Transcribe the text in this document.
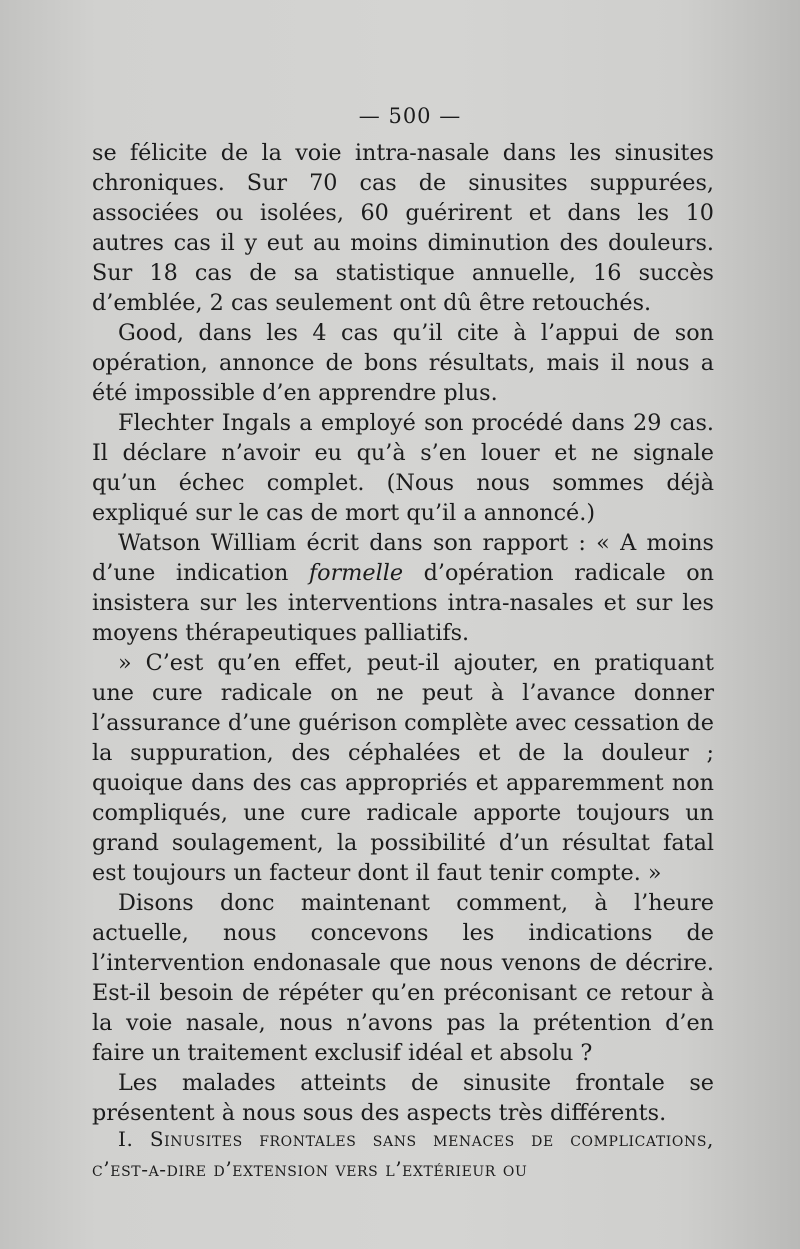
— 500 —

se félicite de la voie intra-nasale dans les sinusites chroniques. Sur 70 cas de sinusites suppurées, associées ou isolées, 60 guérirent et dans les 10 autres cas il y eut au moins diminution des douleurs. Sur 18 cas de sa statistique annuelle, 16 succès d’emblée, 2 cas seulement ont dû être retouchés.

Good, dans les 4 cas qu’il cite à l’appui de son opération, annonce de bons résultats, mais il nous a été impossible d’en apprendre plus.

Flechter Ingals a employé son procédé dans 29 cas. Il déclare n’avoir eu qu’à s’en louer et ne signale qu’un échec complet. (Nous nous sommes déjà expliqué sur le cas de mort qu’il a annoncé.)

Watson William écrit dans son rapport : « A moins d’une indication formelle d’opération radicale on insistera sur les interventions intra-nasales et sur les moyens thérapeutiques palliatifs.

» C’est qu’en effet, peut-il ajouter, en pratiquant une cure radicale on ne peut à l’avance donner l’assurance d’une guérison complète avec cessation de la suppuration, des céphalées et de la douleur ; quoique dans des cas appropriés et apparemment non compliqués, une cure radicale apporte toujours un grand soulagement, la possibilité d’un résultat fatal est toujours un facteur dont il faut tenir compte. »

Disons donc maintenant comment, à l’heure actuelle, nous concevons les indications de l’intervention endonasale que nous venons de décrire. Est-il besoin de répéter qu’en préconisant ce retour à la voie nasale, nous n’avons pas la prétention d’en faire un traitement exclusif idéal et absolu ?

Les malades atteints de sinusite frontale se présentent à nous sous des aspects très différents.

I. Sinusites frontales sans menaces de complications, c’est-a-dire d’extension vers l’extérieur ou
